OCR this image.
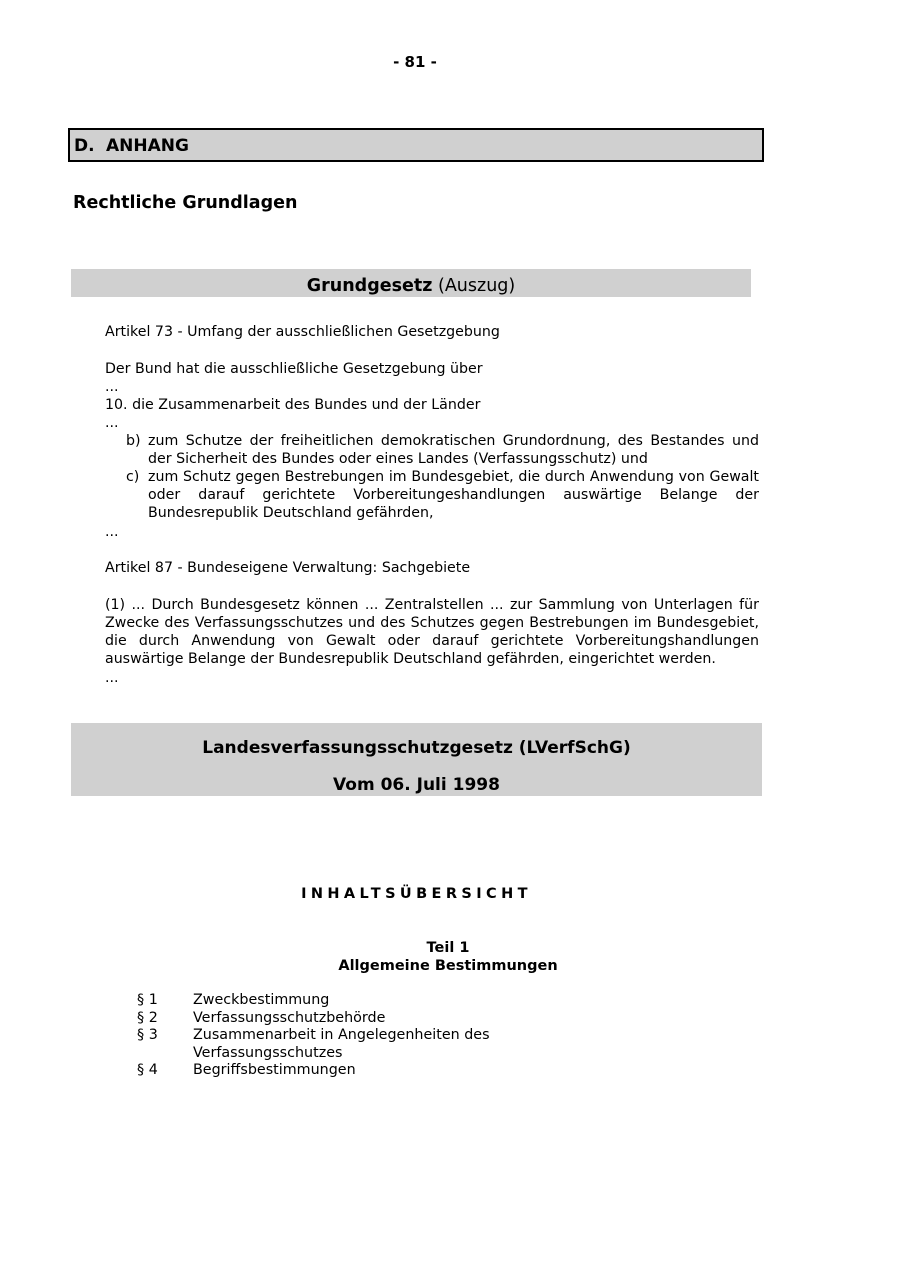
- 81 -
D. ANHANG
Rechtliche Grundlagen
Grundgesetz (Auszug)
Artikel 73 - Umfang der ausschließlichen Gesetzgebung
Der Bund hat die ausschließliche Gesetzgebung über
...
10. die Zusammenarbeit des Bundes und der Länder
...
b) zum Schutze der freiheitlichen demokratischen Grundordnung, des Bestandes und der Sicherheit des Bundes oder eines Landes (Verfassungsschutz) und
c) zum Schutz gegen Bestrebungen im Bundesgebiet, die durch Anwendung von Gewalt oder darauf gerichtete Vorbereitungeshandlungen auswärtige Belange der Bundesrepublik Deutschland gefährden,
...
Artikel 87 - Bundeseigene Verwaltung: Sachgebiete
(1) ... Durch Bundesgesetz können ... Zentralstellen ... zur Sammlung von Unterlagen für Zwecke des Verfassungsschutzes und des Schutzes gegen Bestrebungen im Bundesgebiet, die durch Anwendung von Gewalt oder darauf gerichtete Vorbereitungshandlungen auswärtige Belange der Bundesrepublik Deutschland gefährden, eingerichtet werden.
...
Landesverfassungsschutzgesetz (LVerfSchG)
Vom 06. Juli 1998
INHALTSÜBERSICHT
Teil 1
Allgemeine Bestimmungen
§ 1	Zweckbestimmung
§ 2	Verfassungsschutzbehörde
§ 3	Zusammenarbeit in Angelegenheiten des Verfassungsschutzes
§ 4	Begriffsbestimmungen
